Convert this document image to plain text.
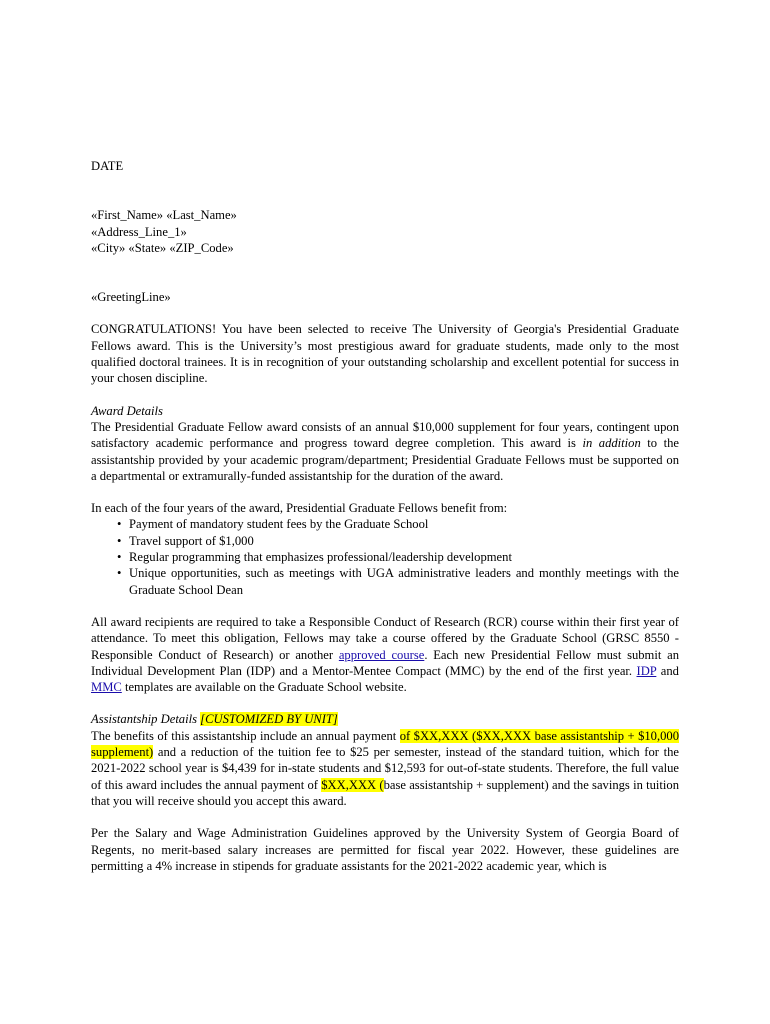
DATE

«First_Name» «Last_Name»

«Address_Line_1»

«City» «State» «ZIP_Code»

«GreetingLine»

CONGRATULATIONS! You have been selected to receive The University of Georgia's Presidential Graduate Fellows award. This is the University’s most prestigious award for graduate students, made only to the most qualified doctoral trainees. It is in recognition of your outstanding scholarship and excellent potential for success in your chosen discipline.

Award Details

The Presidential Graduate Fellow award consists of an annual $10,000 supplement for four years, contingent upon satisfactory academic performance and progress toward degree completion. This award is in addition to the assistantship provided by your academic program/department; Presidential Graduate Fellows must be supported on a departmental or extramurally-funded assistantship for the duration of the award.

In each of the four years of the award, Presidential Graduate Fellows benefit from:

• Payment of mandatory student fees by the Graduate School
• Travel support of $1,000
• Regular programming that emphasizes professional/leadership development
• Unique opportunities, such as meetings with UGA administrative leaders and monthly meetings with the Graduate School Dean

All award recipients are required to take a Responsible Conduct of Research (RCR) course within their first year of attendance. To meet this obligation, Fellows may take a course offered by the Graduate School (GRSC 8550 - Responsible Conduct of Research) or another approved course. Each new Presidential Fellow must submit an Individual Development Plan (IDP) and a Mentor-Mentee Compact (MMC) by the end of the first year. IDP and MMC templates are available on the Graduate School website.

Assistantship Details [CUSTOMIZED BY UNIT]

The benefits of this assistantship include an annual payment of $XX,XXX ($XX,XXX base assistantship + $10,000 supplement) and a reduction of the tuition fee to $25 per semester, instead of the standard tuition, which for the 2021-2022 school year is $4,439 for in-state students and $12,593 for out-of-state students. Therefore, the full value of this award includes the annual payment of $XX,XXX (base assistantship + supplement) and the savings in tuition that you will receive should you accept this award.

Per the Salary and Wage Administration Guidelines approved by the University System of Georgia Board of Regents, no merit-based salary increases are permitted for fiscal year 2022. However, these guidelines are permitting a 4% increase in stipends for graduate assistants for the 2021-2022 academic year, which is
